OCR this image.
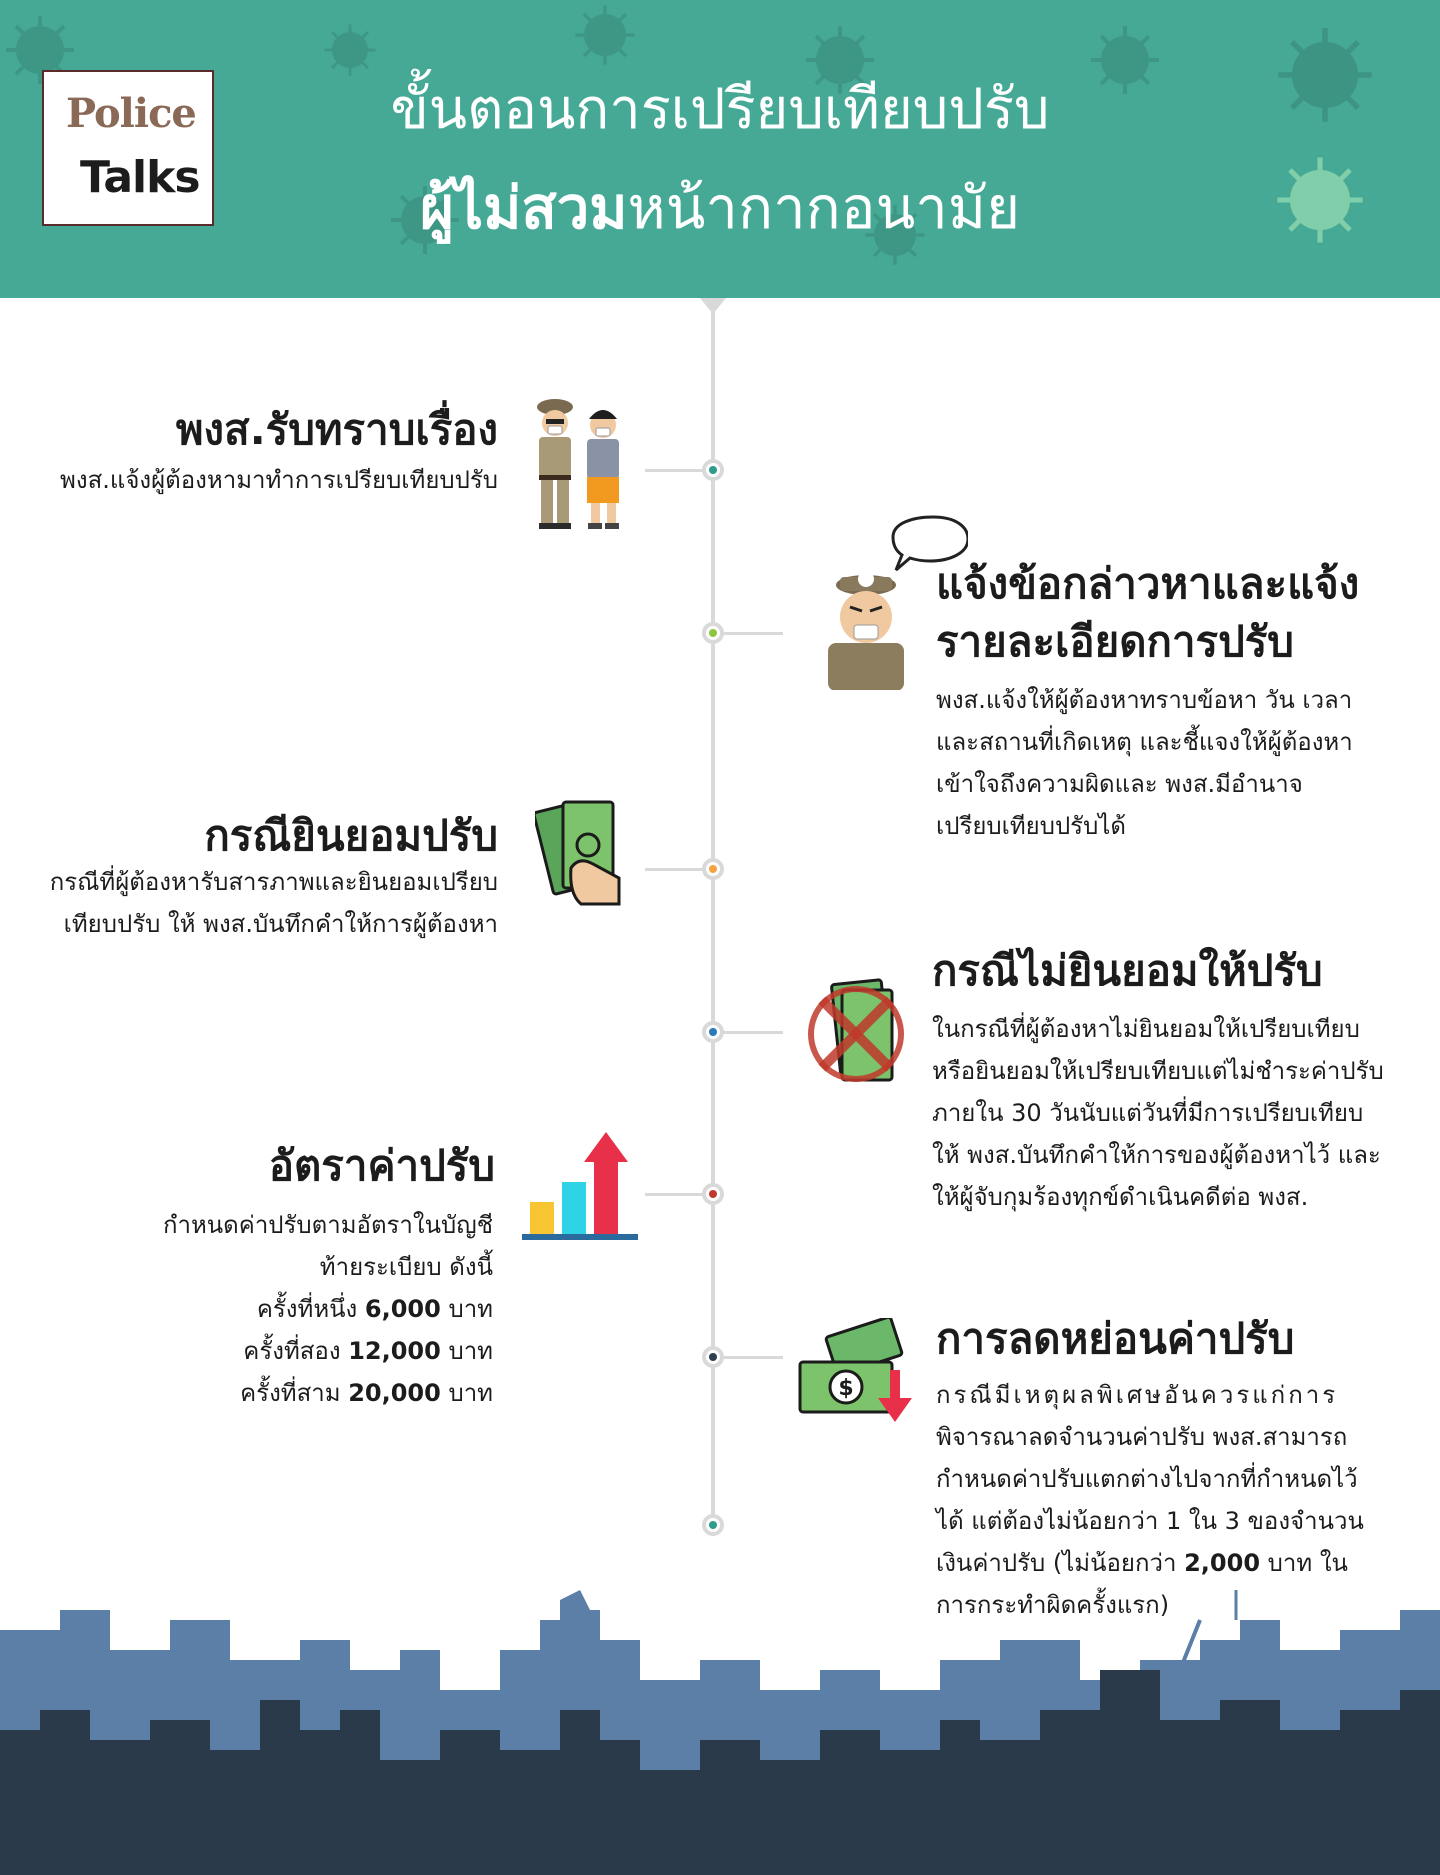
Police
Talks
ขั้นตอนการเปรียบเทียบปรับ
ผู้ไม่สวมหน้ากากอนามัย
พงส.รับทราบเรื่อง
พงส.แจ้งผู้ต้องหามาทำการเปรียบเทียบปรับ
แจ้งข้อกล่าวหาและแจ้ง
รายละเอียดการปรับ
พงส.แจ้งให้ผู้ต้องหาทราบข้อหา วัน เวลา
และสถานที่เกิดเหตุ และชี้แจงให้ผู้ต้องหา
เข้าใจถึงความผิดและ พงส.มีอำนาจ
เปรียบเทียบปรับได้
กรณียินยอมปรับ
กรณีที่ผู้ต้องหารับสารภาพและยินยอมเปรียบ
เทียบปรับ ให้ พงส.บันทึกคำให้การผู้ต้องหา
กรณีไม่ยินยอมให้ปรับ
ในกรณีที่ผู้ต้องหาไม่ยินยอมให้เปรียบเทียบ
หรือยินยอมให้เปรียบเทียบแต่ไม่ชำระค่าปรับ
ภายใน 30 วันนับแต่วันที่มีการเปรียบเทียบ
ให้ พงส.บันทึกคำให้การของผู้ต้องหาไว้ และ
ให้ผู้จับกุมร้องทุกข์ดำเนินคดีต่อ พงส.
อัตราค่าปรับ
กำหนดค่าปรับตามอัตราในบัญชี
ท้ายระเบียบ ดังนี้
ครั้งที่หนึ่ง 6,000 บาท
ครั้งที่สอง 12,000 บาท
ครั้งที่สาม 20,000 บาท	$
การลดหย่อนค่าปรับ
กรณีมีเหตุผลพิเศษอันควรแก่การ
พิจารณาลดจำนวนค่าปรับ พงส.สามารถ
กำหนดค่าปรับแตกต่างไปจากที่กำหนดไว้
ได้ แต่ต้องไม่น้อยกว่า 1 ใน 3 ของจำนวน
เงินค่าปรับ (ไม่น้อยกว่า 2,000 บาท ใน
การกระทำผิดครั้งแรก)
